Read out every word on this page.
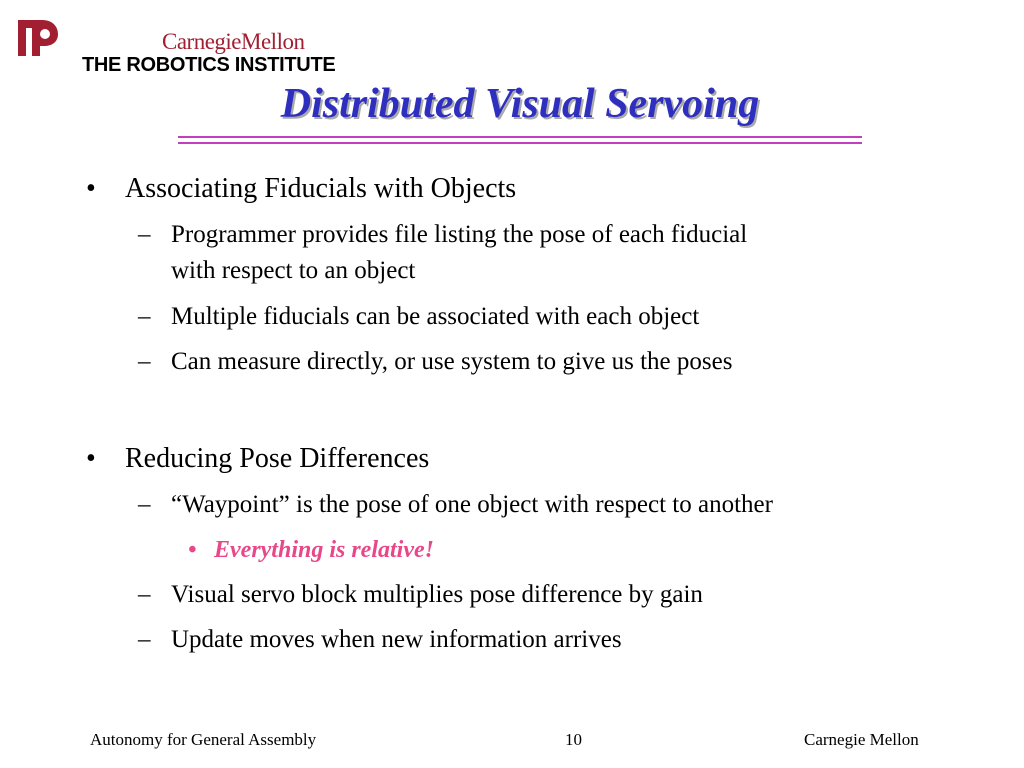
CarnegieMellon

THE ROBOTICS INSTITUTE

Distributed Visual Servoing
• Associating Fiducials with Objects

– Programmer provides file listing the pose of each fiducial

with respect to an object

– Multiple fiducials can be associated with each object

– Can measure directly, or use system to give us the poses

• Reducing Pose Differences

– “Waypoint” is the pose of one object with respect to another

• Everything is relative!

– Visual servo block multiplies pose difference by gain

– Update moves when new information arrives

Autonomy for General Assembly	10	Carnegie Mellon
